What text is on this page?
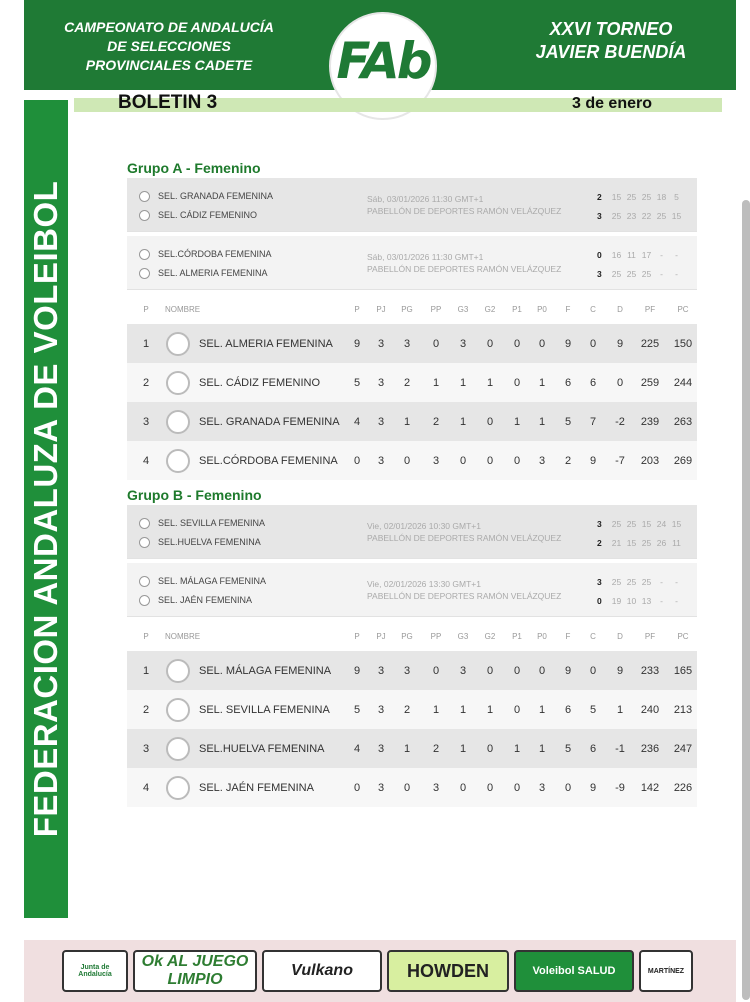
CAMPEONATO DE ANDALUCÍA
DE SELECCIONES
PROVINCIALES CADETE	FAb
XXVI TORNEO
JAVIER BUENDÍA
BOLETIN 3	3 de enero
FEDERACION ANDALUZA DE VOLEIBOL
Grupo A - Femenino
SEL. GRANADA FEMENINA
SEL. CÁDIZ FEMENINO
Sáb, 03/01/2026 11:30 GMT+1
PABELLÓN DE DEPORTES RAMÓN VELÁZQUEZ
2 15 25 25 18 5
3 25 23 22 25 15
SEL.CÓRDOBA FEMENINA
SEL. ALMERIA FEMENINA
Sáb, 03/01/2026 11:30 GMT+1
PABELLÓN DE DEPORTES RAMÓN VELÁZQUEZ
0 16 11 17 - -
3 25 25 25 - -
P	NOMBRE	P	PJ	PG	PP	G3	G2	P1	P0	F	C	D	PF	PC
1	SEL. ALMERIA FEMENINA	9	3	3	0	3	0	0	0	9	0	9	225	150
2	SEL. CÁDIZ FEMENINO	5	3	2	1	1	1	0	1	6	6	0	259	244
3	SEL. GRANADA FEMENINA	4	3	1	2	1	0	1	1	5	7	-2	239	263
4	SEL.CÓRDOBA FEMENINA	0	3	0	3	0	0	0	3	2	9	-7	203	269
Grupo B - Femenino
SEL. SEVILLA FEMENINA
SEL.HUELVA FEMENINA
Vie, 02/01/2026 10:30 GMT+1
PABELLÓN DE DEPORTES RAMÓN VELÁZQUEZ
3 25 25 15 24 15
2 21 15 25 26 11
SEL. MÁLAGA FEMENINA
SEL. JAÉN FEMENINA
Vie, 02/01/2026 13:30 GMT+1
PABELLÓN DE DEPORTES RAMÓN VELÁZQUEZ
3 25 25 25 - -
0 19 10 13 - -
P	NOMBRE	P	PJ	PG	PP	G3	G2	P1	P0	F	C	D	PF	PC
1	SEL. MÁLAGA FEMENINA	9	3	3	0	3	0	0	0	9	0	9	233	165
2	SEL. SEVILLA FEMENINA	5	3	2	1	1	1	0	1	6	5	1	240	213
3	SEL.HUELVA FEMENINA	4	3	1	2	1	0	1	1	5	6	-1	236	247
4	SEL. JAÉN FEMENINA	0	3	0	3	0	0	0	3	0	9	-9	142	226
Junta de Andalucía
Ok AL JUEGO LIMPIO
Vulkano	HOWDEN	Voleibol SALUD	MARTÍNEZ
